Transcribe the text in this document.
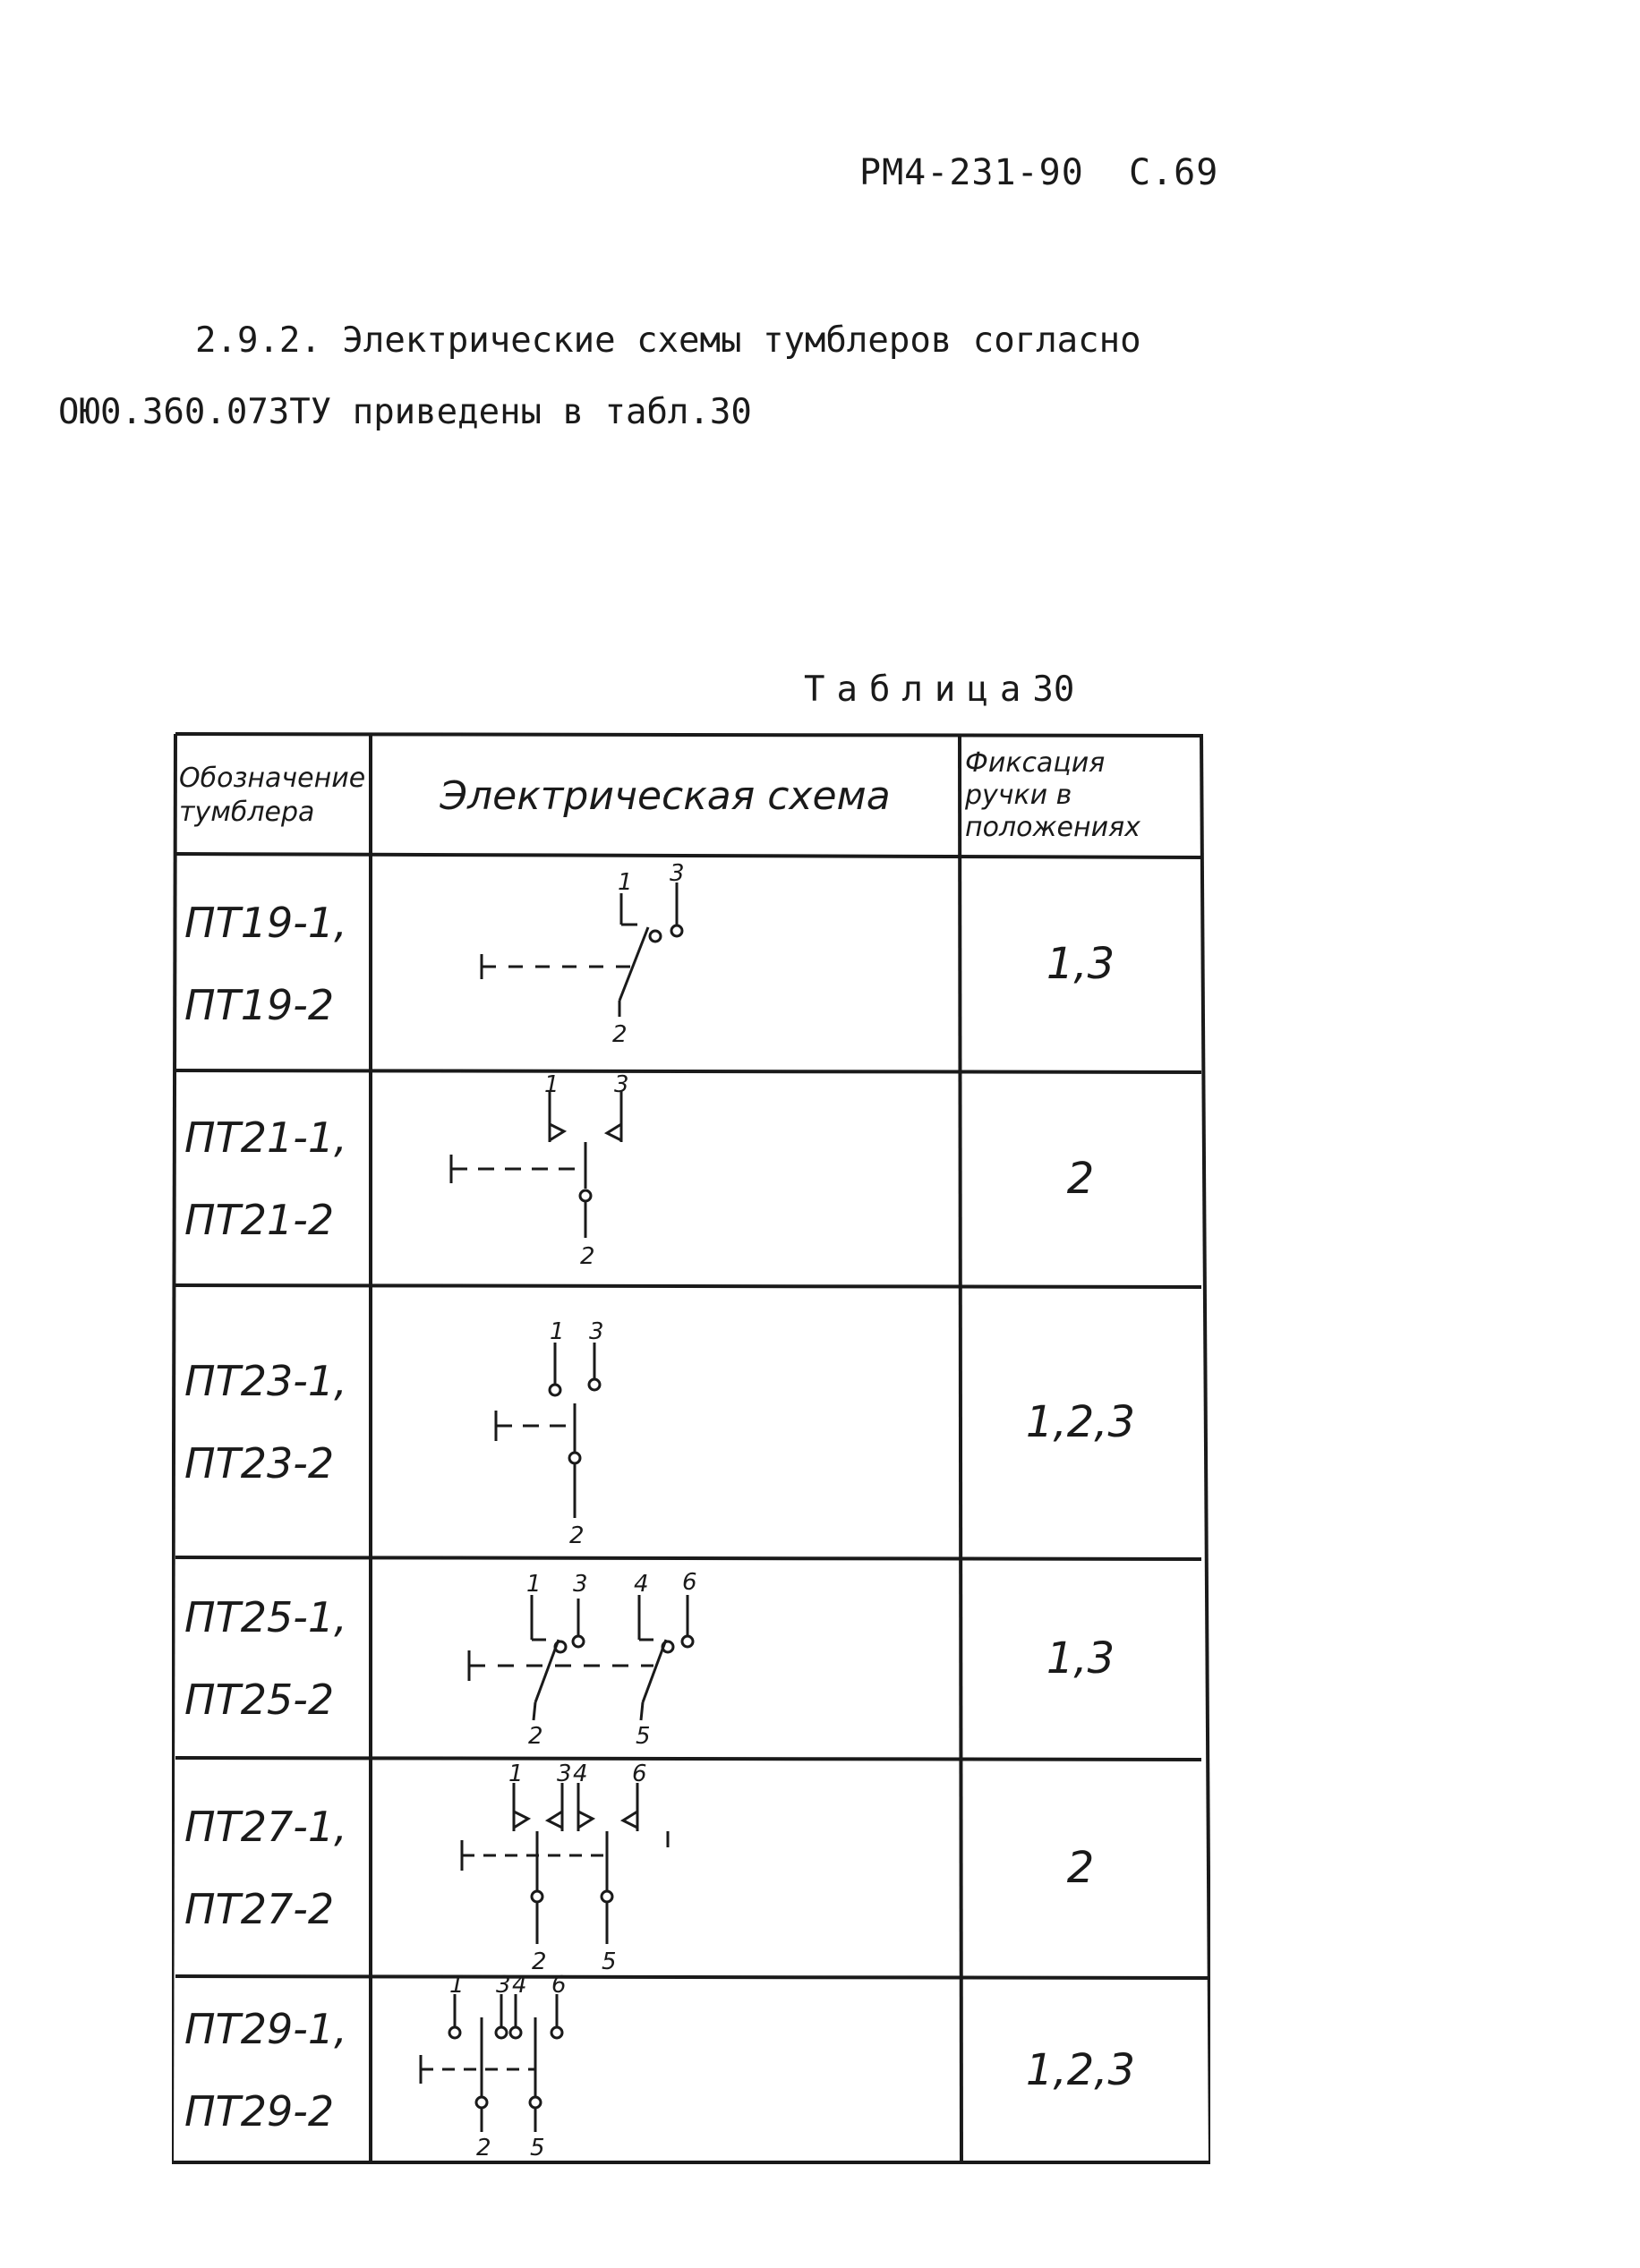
РМ4-231-90 С.69
2.9.2. Электрические схемы тумблеров согласно
ОЮ0.360.073ТУ приведены в табл.30
Таблица30
Обозначение
тумблера	Электрическая схема
Фиксация
ручки в
положениях
ПТ19-1,
ПТ19-2
1 3
2
1,3
ПТ21-1,
ПТ21-2
1 3
2
2
ПТ23-1,
ПТ23-2
1 3
2
1,2,3
ПТ25-1,
ПТ25-2
1 3 4 6
2	5
1,3
ПТ27-1,
ПТ27-2
1 3 4 6
2 5
2
ПТ29-1,
ПТ29-2
1 3 4 6
2 5
1,2,3
